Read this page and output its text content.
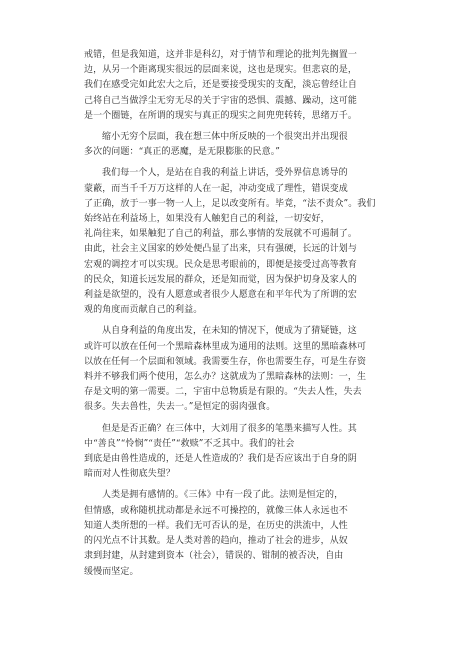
戒错，但是我知道，这并非是科幻，对于情节和理论的批判先搁置一
边，从另一个距离现实很远的层面来说，这也是现实。但悲哀的是，
我们在感受完如此宏大之后，还是要接受现实的支配，淡忘曾经让自
己将自己当做浮尘无穷无尽的关于宇宙的恐惧、震撼、躁动，这可能
是一个圈链，在所谓的现实与真正的现实之间兜兜转转，思绪万千。
缩小无穷个层面，我在想三体中所反映的一个很突出并出现很
多次的问题：“真正的恶魔，是无限膨胀的民意。”
我们每一个人，是站在自我的利益上讲话，受外界信息诱导的
蒙蔽，而当千千万万这样的人在一起，冲动变成了理性，错误变成
了正确，放于一事一物一人上，足以改变所有。毕竟，“法不责众”。我们
始终站在利益场上，如果没有人触犯自己的利益，一切安好，
礼尚往来，如果触犯了自己的利益，那么事情的发展就不可遏制了。
由此，社会主义国家的妙处便凸显了出来，只有强硬，长远的计划与
宏观的调控才可以实现。民众是思考眼前的，即便是接受过高等教育
的民众，知道长远发展的群众，还是知而觉，因为保护切身及家人的
利益是欲望的，没有人愿意或者很少人愿意在和平年代为了所谓的宏
观的角度而贡献自己的利益。
从自身利益的角度出发，在未知的情况下，便成为了猜疑链，这
或许可以放在任何一个黑暗森林里成为通用的法则。这里的黑暗森林可
以放在任何一个层面和领域。我需要生存，你也需要生存，可是生存资
料并不够我们两个使用，怎么办？这就成为了黑暗森林的法则：一，生
存是文明的第一需要。二，宇宙中总物质是有限的。“失去人性，失去
很多。失去兽性，失去一。”是恒定的弱肉强食。
但是是否正确？在三体中，大刘用了很多的笔墨来描写人性。其
中“善良”“怜悯”“责任”“救赎”不乏其中。我们的社会
到底是由兽性造成的，还是人性造成的？我们是否应该出于自身的阴
暗而对人性彻底失望？
人类是拥有感情的。《三体》中有一段了此。法则是恒定的，
但情感，或称随机扰动都是永远不可操控的，就像三体人永远也不
知道人类所想的一样。我们无可否认的是，在历史的洪流中，人性
的闪光点不计其数。是人类对善的趋向，推动了社会的进步，从奴
隶到封建，从封建到资本（社会），错误的、钳制的被否决，自由
缓慢而坚定。
